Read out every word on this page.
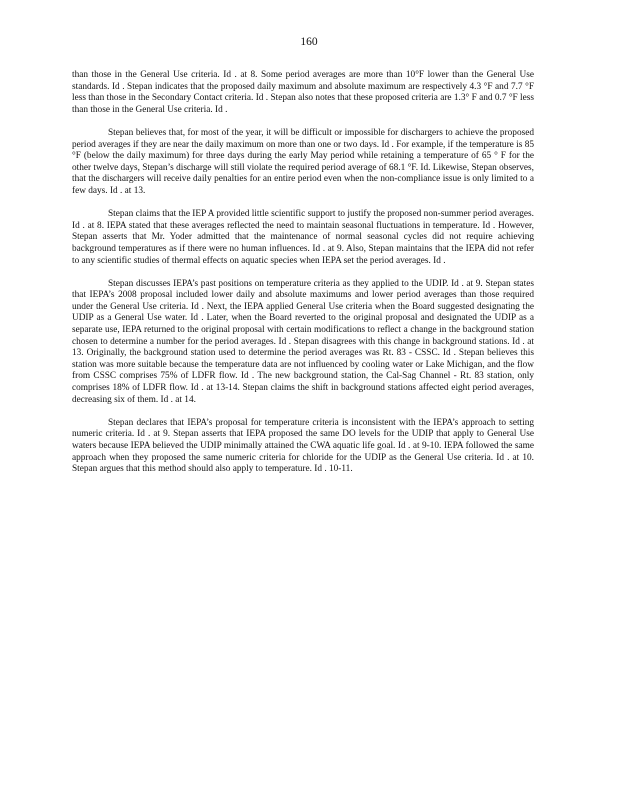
160

than those in the General Use criteria. Id . at 8. Some period averages are more than 10°F lower than the General Use standards. Id . Stepan indicates that the proposed daily maximum and absolute maximum are respectively 4.3 °F and 7.7 °F less than those in the Secondary Contact criteria. Id . Stepan also notes that these proposed criteria are 1.3° F and 0.7 °F less than those in the General Use criteria. Id .

Stepan believes that, for most of the year, it will be difficult or impossible for dischargers to achieve the proposed period averages if they are near the daily maximum on more than one or two days. Id . For example, if the temperature is 85 °F (below the daily maximum) for three days during the early May period while retaining a temperature of 65 ° F for the other twelve days, Stepan’s discharge will still violate the required period average of 68.1 °F. Id. Likewise, Stepan observes, that the dischargers will receive daily penalties for an entire period even when the non-compliance issue is only limited to a few days. Id . at 13.

Stepan claims that the IEP A provided little scientific support to justify the proposed non-summer period averages. Id . at 8. IEPA stated that these averages reflected the need to maintain seasonal fluctuations in temperature. Id . However, Stepan asserts that Mr. Yoder admitted that the maintenance of normal seasonal cycles did not require achieving background temperatures as if there were no human influences. Id . at 9. Also, Stepan maintains that the IEPA did not refer to any scientific studies of thermal effects on aquatic species when IEPA set the period averages. Id .

Stepan discusses IEPA’s past positions on temperature criteria as they applied to the UDIP. Id . at 9. Stepan states that IEPA’s 2008 proposal included lower daily and absolute maximums and lower period averages than those required under the General Use criteria. Id . Next, the IEPA applied General Use criteria when the Board suggested designating the UDIP as a General Use water. Id . Later, when the Board reverted to the original proposal and designated the UDIP as a separate use, IEPA returned to the original proposal with certain modifications to reflect a change in the background station chosen to determine a number for the period averages. Id . Stepan disagrees with this change in background stations. Id . at 13. Originally, the background station used to determine the period averages was Rt. 83 - CSSC. Id . Stepan believes this station was more suitable because the temperature data are not influenced by cooling water or Lake Michigan, and the flow from CSSC comprises 75% of LDFR flow. Id . The new background station, the Cal-Sag Channel - Rt. 83 station, only comprises 18% of LDFR flow. Id . at 13-14. Stepan claims the shift in background stations affected eight period averages, decreasing six of them. Id . at 14.

Stepan declares that IEPA’s proposal for temperature criteria is inconsistent with the IEPA’s approach to setting numeric criteria. Id . at 9. Stepan asserts that IEPA proposed the same DO levels for the UDIP that apply to General Use waters because IEPA believed the UDIP minimally attained the CWA aquatic life goal. Id . at 9-10. IEPA followed the same approach when they proposed the same numeric criteria for chloride for the UDIP as the General Use criteria. Id . at 10. Stepan argues that this method should also apply to temperature. Id . 10-11.
